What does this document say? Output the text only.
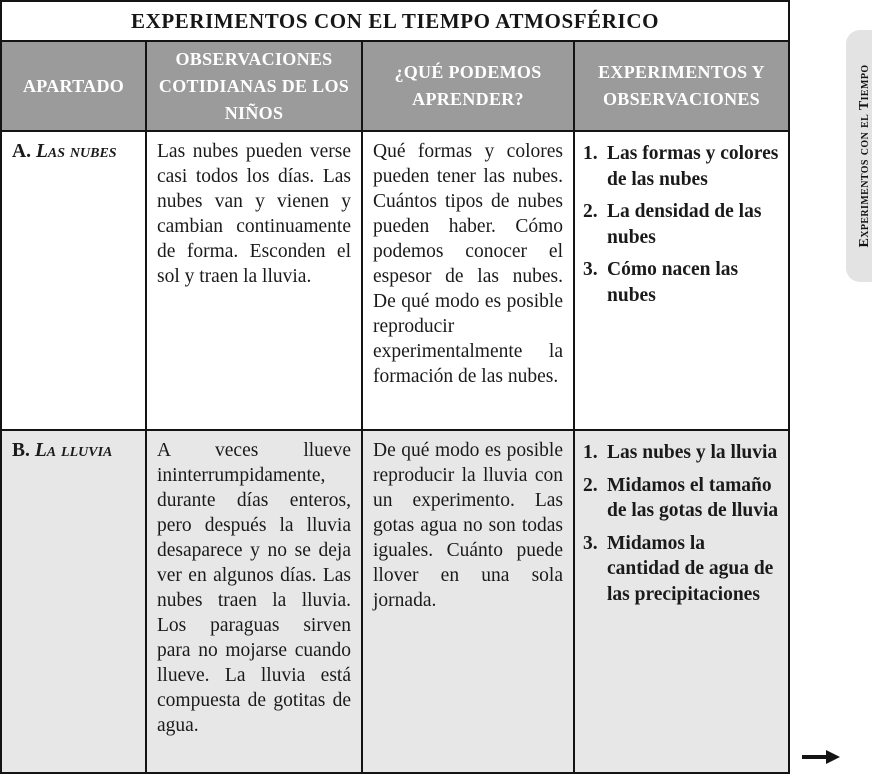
EXPERIMENTOS CON EL TIEMPO ATMOSFÉRICO
APARTADO
OBSERVACIONES COTIDIANAS DE LOS NIÑOS
¿QUÉ PODEMOS APRENDER?
EXPERIMENTOS Y OBSERVACIONES
A. Las nubes	Las nubes pueden verse casi todos los días. Las nubes van y vienen y cambian continuamente de forma. Esconden el sol y traen la lluvia.
Qué formas y colores pueden tener las nubes. Cuántos tipos de nubes pueden haber. Cómo podemos conocer el espesor de las nubes. De qué modo es posible reproducir experimentalmente la formación de las nubes.
1. Las formas y colores de las nubes
2. La densidad de las nubes
3. Cómo nacen las nubes
B. La lluvia	A veces llueve ininterrumpidamente, durante días enteros, pero después la lluvia desaparece y no se deja ver en algunos días. Las nubes traen la lluvia. Los paraguas sirven para no mojarse cuando llueve. La lluvia está compuesta de gotitas de agua.
De qué modo es posible reproducir la lluvia con un experimento. Las gotas agua no son todas iguales. Cuánto puede llover en una sola jornada.
1. Las nubes y la lluvia
2. Midamos el tamaño de las gotas de lluvia
3. Midamos la cantidad de agua de las precipitaciones
Experimentos con el Tiempo
